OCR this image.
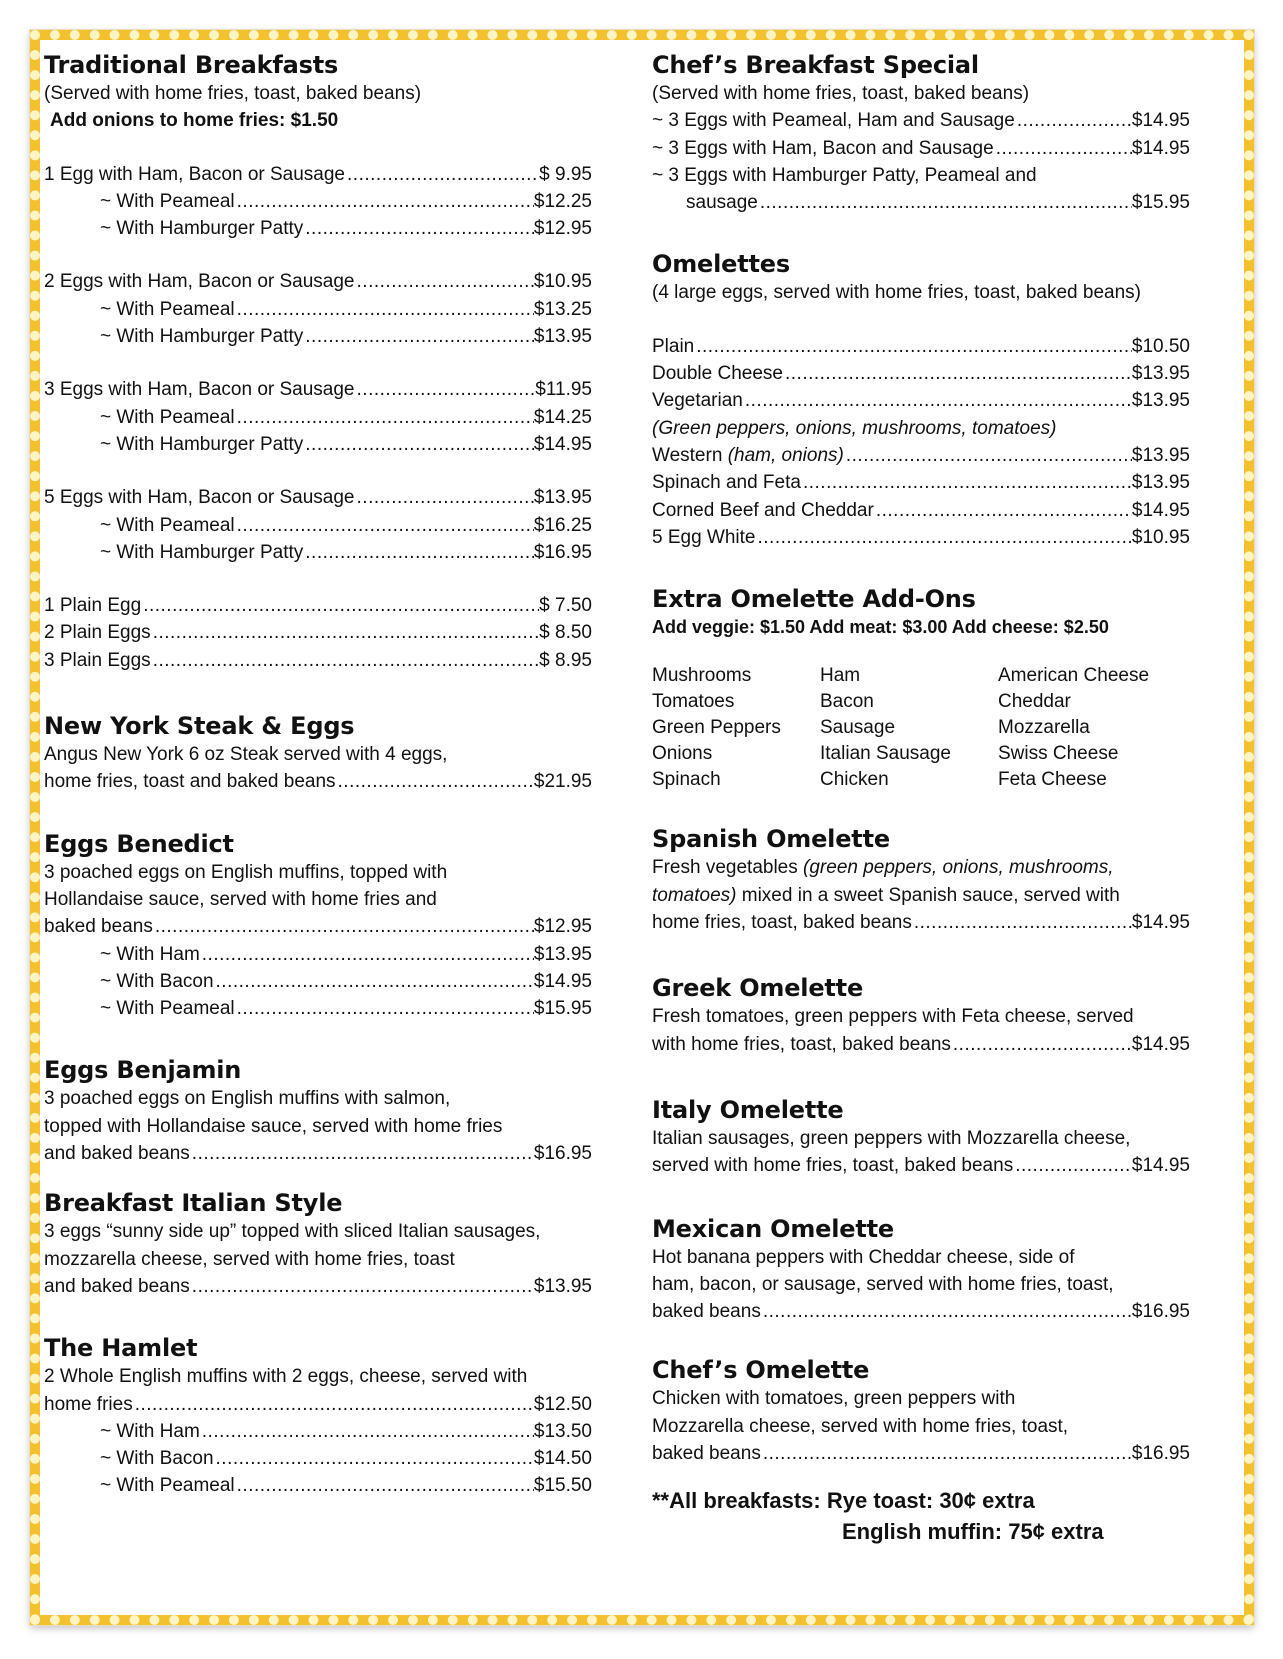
Traditional Breakfasts
(Served with home fries, toast, baked beans)
Add onions to home fries: $1.50
1 Egg with Ham, Bacon or Sausage .....	$ 9.95
~ With Peameal .....	$12.25
~ With Hamburger Patty .....	$12.95
2 Eggs with Ham, Bacon or Sausage .....	$10.95
~ With Peameal .....	$13.25
~ With Hamburger Patty .....	$13.95
3 Eggs with Ham, Bacon or Sausage .....	$11.95
~ With Peameal .....	$14.25
~ With Hamburger Patty .....	$14.95
5 Eggs with Ham, Bacon or Sausage .....	$13.95
~ With Peameal .....	$16.25
~ With Hamburger Patty .....	$16.95
1 Plain Egg .....	$ 7.50
2 Plain Eggs .....	$ 8.50
3 Plain Eggs .....	$ 8.95
New York Steak & Eggs
Angus New York 6 oz Steak served with 4 eggs,
home fries, toast and baked beans .....	$21.95
Eggs Benedict
3 poached eggs on English muffins, topped with
Hollandaise sauce, served with home fries and
baked beans .....	$12.95
~ With Ham .....	$13.95
~ With Bacon .....	$14.95
~ With Peameal .....	$15.95
Eggs Benjamin
3 poached eggs on English muffins with salmon,
topped with Hollandaise sauce, served with home fries
and baked beans .....	$16.95
Breakfast Italian Style
3 eggs “sunny side up” topped with sliced Italian sausages,
mozzarella cheese, served with home fries, toast
and baked beans .....	$13.95
The Hamlet
2 Whole English muffins with 2 eggs, cheese, served with
home fries .....	$12.50
~ With Ham .....	$13.50
~ With Bacon .....	$14.50
~ With Peameal .....	$15.50
Chef’s Breakfast Special
(Served with home fries, toast, baked beans)
~ 3 Eggs with Peameal, Ham and Sausage .....	$14.95
~ 3 Eggs with Ham, Bacon and Sausage .....	$14.95
~ 3 Eggs with Hamburger Patty, Peameal and
sausage .....	$15.95
Omelettes
(4 large eggs, served with home fries, toast, baked beans)
Plain .....	$10.50
Double Cheese .....	$13.95
Vegetarian .....	$13.95
(Green peppers, onions, mushrooms, tomatoes)
Western (ham, onions) .....	$13.95
Spinach and Feta .....	$13.95
Corned Beef and Cheddar .....	$14.95
5 Egg White .....	$10.95
Extra Omelette Add-Ons
Add veggie: $1.50 Add meat: $3.00 Add cheese: $2.50
Mushrooms	Ham	American Cheese
Tomatoes	Bacon	Cheddar
Green Peppers	Sausage	Mozzarella
Onions	Italian Sausage	Swiss Cheese
Spinach	Chicken	Feta Cheese
Spanish Omelette
Fresh vegetables (green peppers, onions, mushrooms,
tomatoes) mixed in a sweet Spanish sauce, served with
home fries, toast, baked beans .....	$14.95
Greek Omelette
Fresh tomatoes, green peppers with Feta cheese, served
with home fries, toast, baked beans .....	$14.95
Italy Omelette
Italian sausages, green peppers with Mozzarella cheese,
served with home fries, toast, baked beans .....	$14.95
Mexican Omelette
Hot banana peppers with Cheddar cheese, side of
ham, bacon, or sausage, served with home fries, toast,
baked beans .....	$16.95
Chef’s Omelette
Chicken with tomatoes, green peppers with
Mozzarella cheese, served with home fries, toast,
baked beans .....	$16.95
**All breakfasts: Rye toast: 30¢ extra
English muffin: 75¢ extra
